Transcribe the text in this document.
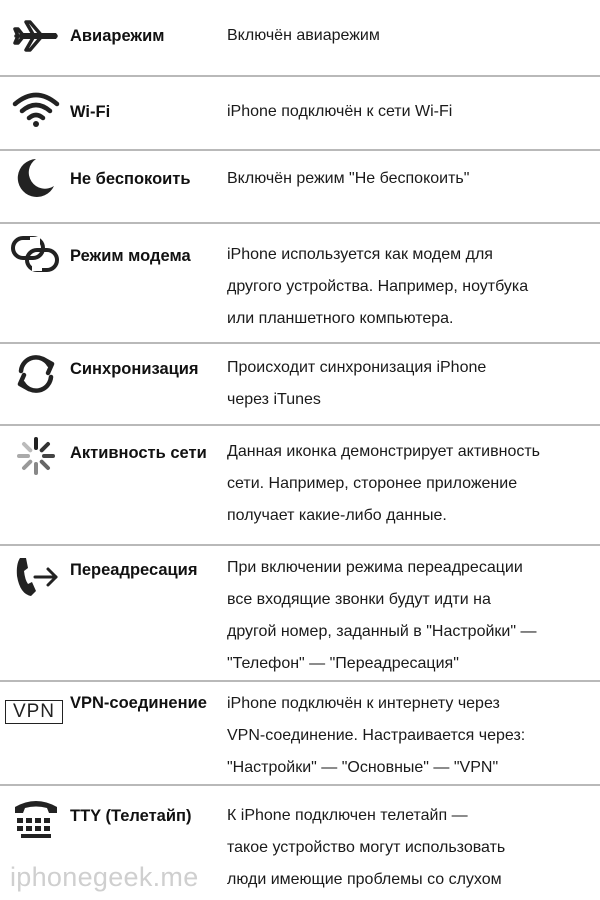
Авиарежим	Включён авиарежим
Wi-Fi	iPhone подключён к сети Wi-Fi
Не беспокоить Включён режим "Не беспокоить"
Режим модема iPhone используется как модем для
другого устройства. Например, ноутбука
или планшетного компьютера.
Синхронизация Происходит синхронизация iPhone
через iTunes
Активность сети Данная иконка демонстрирует активность
сети. Например, сторонее приложение
получает какие-либо данные.
Переадресация При включении режима переадресации
все входящие звонки будут идти на
другой номер, заданный в "Настройки" —
"Телефон" — "Переадресация"
VPN VPN-соединение iPhone подключён к интернету через
VPN-соединение. Настраивается через:
"Настройки" — "Основные" — "VPN"
TTY (Телетайп) К iPhone подключен телетайп —
такое устройство могут использовать
люди имеющие проблемы со слухом
iphonegeek.me
